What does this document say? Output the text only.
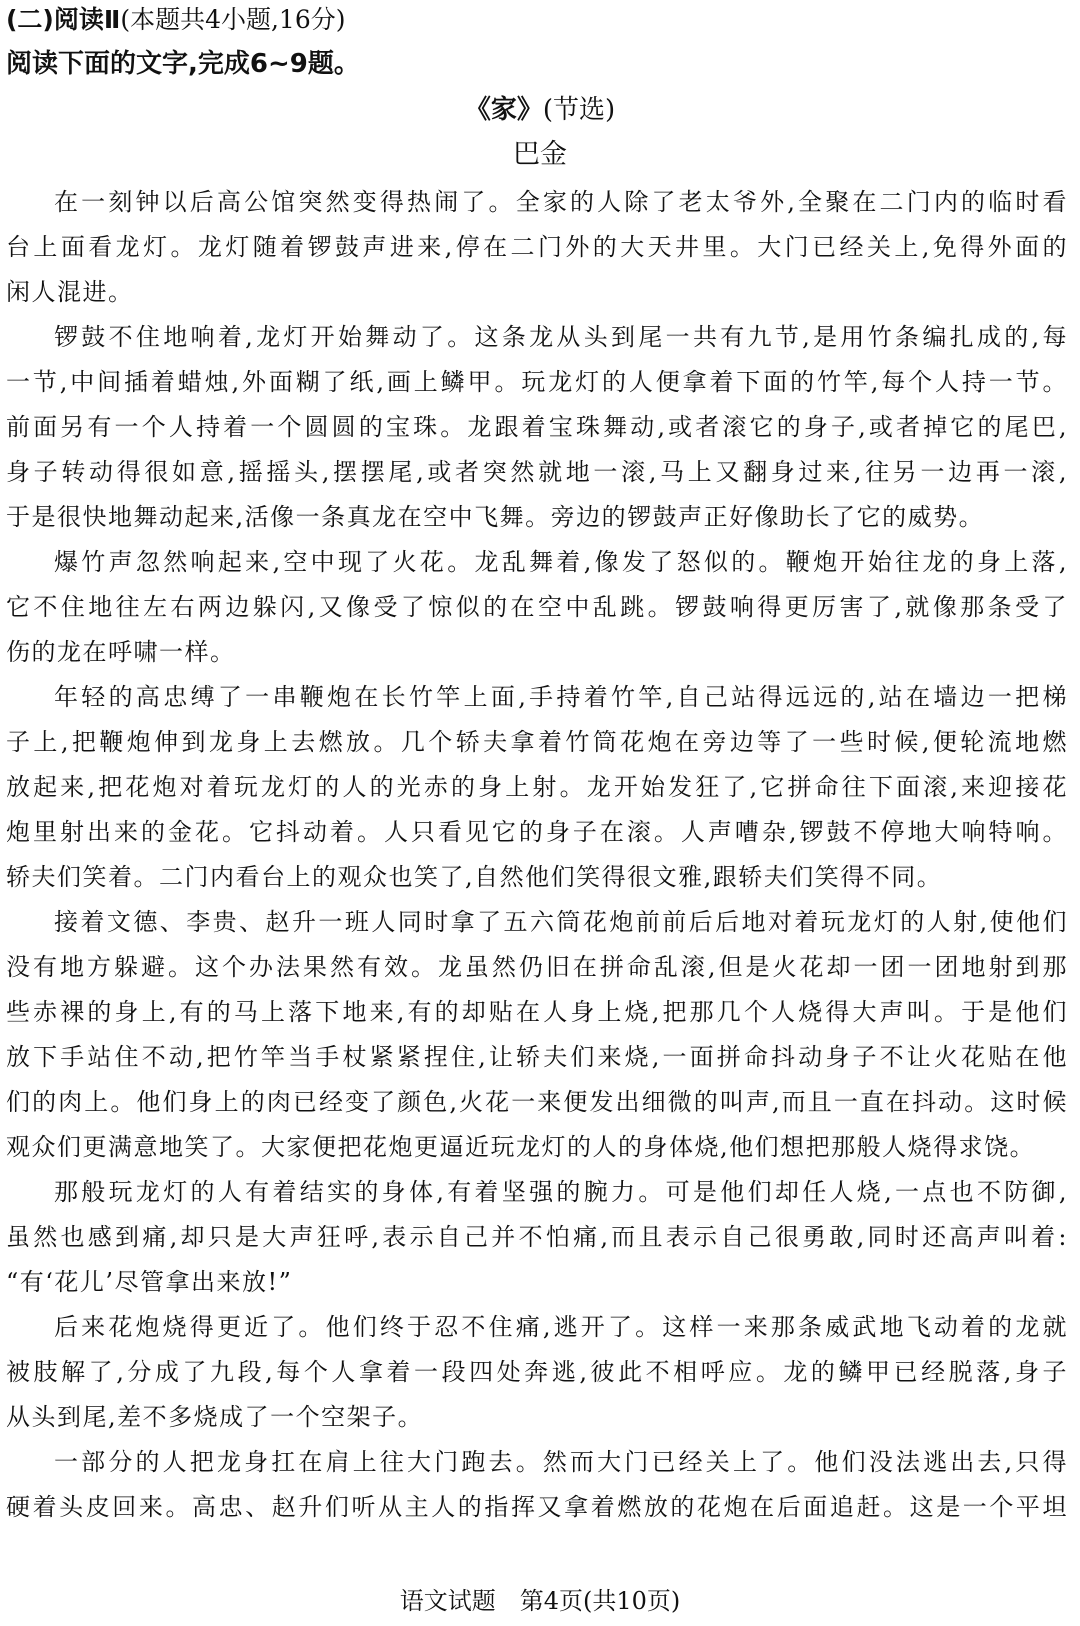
(二)阅读Ⅱ(本题共4小题,16分)
阅读下面的文字,完成6~9题。
《家》(节选)
巴金
在一刻钟以后高公馆突然变得热闹了。全家的人除了老太爷外,全聚在二门内的临时看
台上面看龙灯。龙灯随着锣鼓声进来,停在二门外的大天井里。大门已经关上,免得外面的
闲人混进。
锣鼓不住地响着,龙灯开始舞动了。这条龙从头到尾一共有九节,是用竹条编扎成的,每
一节,中间插着蜡烛,外面糊了纸,画上鳞甲。玩龙灯的人便拿着下面的竹竿,每个人持一节。
前面另有一个人持着一个圆圆的宝珠。龙跟着宝珠舞动,或者滚它的身子,或者掉它的尾巴,
身子转动得很如意,摇摇头,摆摆尾,或者突然就地一滚,马上又翻身过来,往另一边再一滚,
于是很快地舞动起来,活像一条真龙在空中飞舞。旁边的锣鼓声正好像助长了它的威势。
爆竹声忽然响起来,空中现了火花。龙乱舞着,像发了怒似的。鞭炮开始往龙的身上落,
它不住地往左右两边躲闪,又像受了惊似的在空中乱跳。锣鼓响得更厉害了,就像那条受了
伤的龙在呼啸一样。
年轻的高忠缚了一串鞭炮在长竹竿上面,手持着竹竿,自己站得远远的,站在墙边一把梯
子上,把鞭炮伸到龙身上去燃放。几个轿夫拿着竹筒花炮在旁边等了一些时候,便轮流地燃
放起来,把花炮对着玩龙灯的人的光赤的身上射。龙开始发狂了,它拼命往下面滚,来迎接花
炮里射出来的金花。它抖动着。人只看见它的身子在滚。人声嘈杂,锣鼓不停地大响特响。
轿夫们笑着。二门内看台上的观众也笑了,自然他们笑得很文雅,跟轿夫们笑得不同。
接着文德、李贵、赵升一班人同时拿了五六筒花炮前前后后地对着玩龙灯的人射,使他们
没有地方躲避。这个办法果然有效。龙虽然仍旧在拼命乱滚,但是火花却一团一团地射到那
些赤裸的身上,有的马上落下地来,有的却贴在人身上烧,把那几个人烧得大声叫。于是他们
放下手站住不动,把竹竿当手杖紧紧捏住,让轿夫们来烧,一面拼命抖动身子不让火花贴在他
们的肉上。他们身上的肉已经变了颜色,火花一来便发出细微的叫声,而且一直在抖动。这时候
观众们更满意地笑了。大家便把花炮更逼近玩龙灯的人的身体烧,他们想把那般人烧得求饶。
那般玩龙灯的人有着结实的身体,有着坚强的腕力。可是他们却任人烧,一点也不防御,
虽然也感到痛,却只是大声狂呼,表示自己并不怕痛,而且表示自己很勇敢,同时还高声叫着:
“有‘花儿’尽管拿出来放!”
后来花炮烧得更近了。他们终于忍不住痛,逃开了。这样一来那条威武地飞动着的龙就
被肢解了,分成了九段,每个人拿着一段四处奔逃,彼此不相呼应。龙的鳞甲已经脱落,身子
从头到尾,差不多烧成了一个空架子。
一部分的人把龙身扛在肩上往大门跑去。然而大门已经关上了。他们没法逃出去,只得
硬着头皮回来。高忠、赵升们听从主人的指挥又拿着燃放的花炮在后面追赶。这是一个平坦
语文试题　第4页(共10页)
